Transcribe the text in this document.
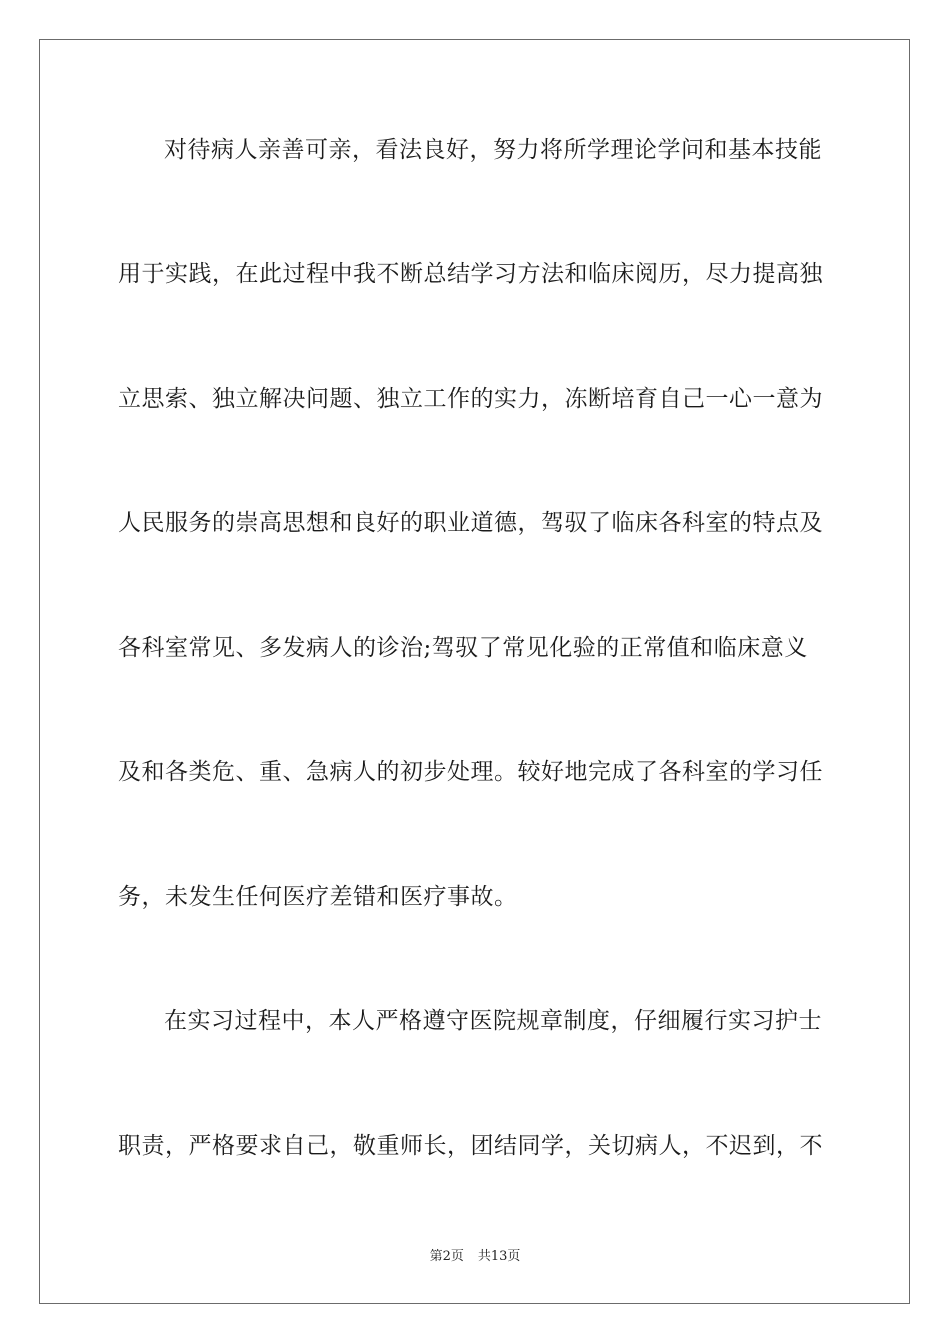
对待病人亲善可亲，看法良好，努力将所学理论学问和基本技能
用于实践，在此过程中我不断总结学习方法和临床阅历，尽力提高独
立思索、独立解决问题、独立工作的实力，冻断培育自己一心一意为
人民服务的崇高思想和良好的职业道德，驾驭了临床各科室的特点及
各科室常见、多发病人的诊治;驾驭了常见化验的正常值和临床意义
及和各类危、重、急病人的初步处理。较好地完成了各科室的学习任
务，未发生任何医疗差错和医疗事故。
在实习过程中，本人严格遵守医院规章制度，仔细履行实习护士
职责，严格要求自己，敬重师长，团结同学，关切病人，不迟到，不
第2页 共13页
